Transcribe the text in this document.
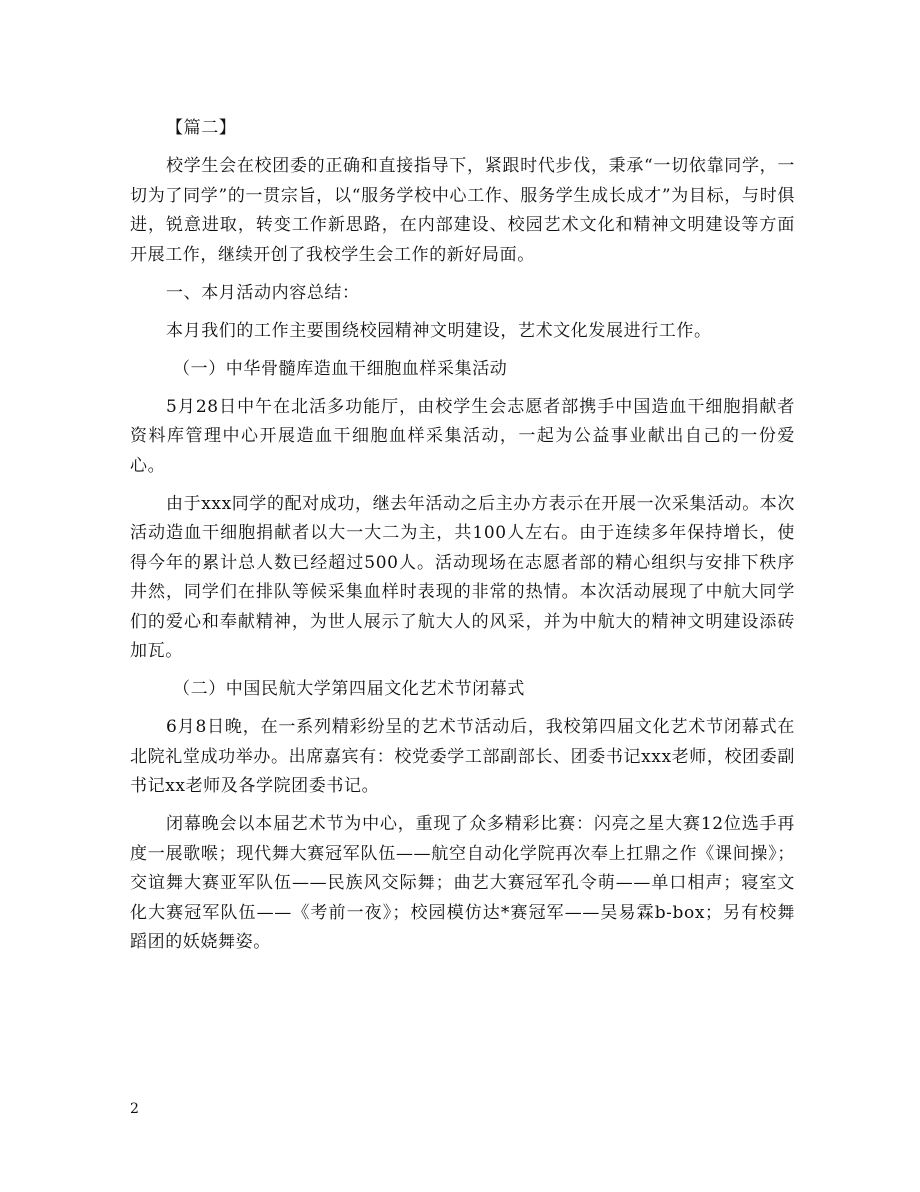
【篇二】

校学生会在校团委的正确和直接指导下，紧跟时代步伐，秉承“一切依靠同学，一切为了同学”的一贯宗旨，以“服务学校中心工作、服务学生成长成才”为目标，与时俱进，锐意进取，转变工作新思路，在内部建设、校园艺术文化和精神文明建设等方面开展工作，继续开创了我校学生会工作的新好局面。

一、本月活动内容总结：

本月我们的工作主要围绕校园精神文明建设，艺术文化发展进行工作。

（一）中华骨髓库造血干细胞血样采集活动

5月28日中午在北活多功能厅，由校学生会志愿者部携手中国造血干细胞捐献者资料库管理中心开展造血干细胞血样采集活动，一起为公益事业献出自己的一份爱心。

由于xxx同学的配对成功，继去年活动之后主办方表示在开展一次采集活动。本次活动造血干细胞捐献者以大一大二为主，共100人左右。由于连续多年保持增长，使得今年的累计总人数已经超过500人。活动现场在志愿者部的精心组织与安排下秩序井然，同学们在排队等候采集血样时表现的非常的热情。本次活动展现了中航大同学们的爱心和奉献精神，为世人展示了航大人的风采，并为中航大的精神文明建设添砖加瓦。

（二）中国民航大学第四届文化艺术节闭幕式

6月8日晚，在一系列精彩纷呈的艺术节活动后，我校第四届文化艺术节闭幕式在北院礼堂成功举办。出席嘉宾有：校党委学工部副部长、团委书记xxx老师，校团委副书记xx老师及各学院团委书记。

闭幕晚会以本届艺术节为中心，重现了众多精彩比赛：闪亮之星大赛12位选手再度一展歌喉；现代舞大赛冠军队伍——航空自动化学院再次奉上扛鼎之作《课间操》；交谊舞大赛亚军队伍——民族风交际舞；曲艺大赛冠军孔令萌——单口相声；寝室文化大赛冠军队伍——《考前一夜》；校园模仿达*赛冠军——吴易霖b-box；另有校舞蹈团的妖娆舞姿。

2
